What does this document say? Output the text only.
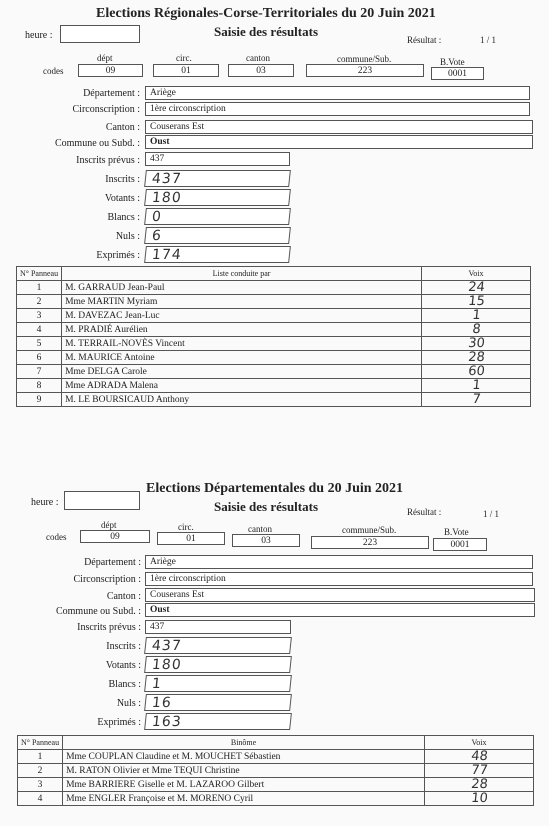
Elections Régionales-Corse-Territoriales du 20 Juin 2021
Saisie des résultats
heure :	Résultat :	1 / 1
dépt	circ.	canton	commune/Sub.	B.Vote
codes	09	01	03	223	0001
Département :	Ariège
Circonscription :	1ère circonscription
Canton :	Couserans Est
Commune ou Subd. :	Oust
Inscrits prévus :	437
Inscrits : 437
Votants : 180
Blancs : 0
Nuls : 6
Exprimés : 174
N° Panneau	Liste conduite par	Voix
1	M. GARRAUD Jean-Paul	24
2	Mme MARTIN Myriam	15
3	M. DAVEZAC Jean-Luc	1
4	M. PRADIÉ Aurélien	8
5	M. TERRAIL-NOVÈS Vincent	30
6	M. MAURICE Antoine	28
7	Mme DELGA Carole	60
8	Mme ADRADA Malena	1
9	M. LE BOURSICAUD Anthony	7
Elections Départementales du 20 Juin 2021
Saisie des résultats
heure :
Résultat :	1 / 1
dépt	circ.	canton	commune/Sub.	B.Vote
codes	09	01	03	223	0001
Département : Ariège
Circonscription : 1ère circonscription
Canton : Couserans Est
Commune ou Subd. : Oust
Inscrits prévus : 437
Inscrits : 437
Votants : 180
Blancs : 1
Nuls : 16
Exprimés : 163
N° Panneau	Binôme	Voix
1	Mme COUPLAN Claudine et M. MOUCHET Sébastien	48
2	M. RATON Olivier et Mme TEQUI Christine	77
3	Mme BARRIERE Giselle et M. LAZAROO Gilbert	28
4	Mme ENGLER Françoise et M. MORENO Cyril	10
